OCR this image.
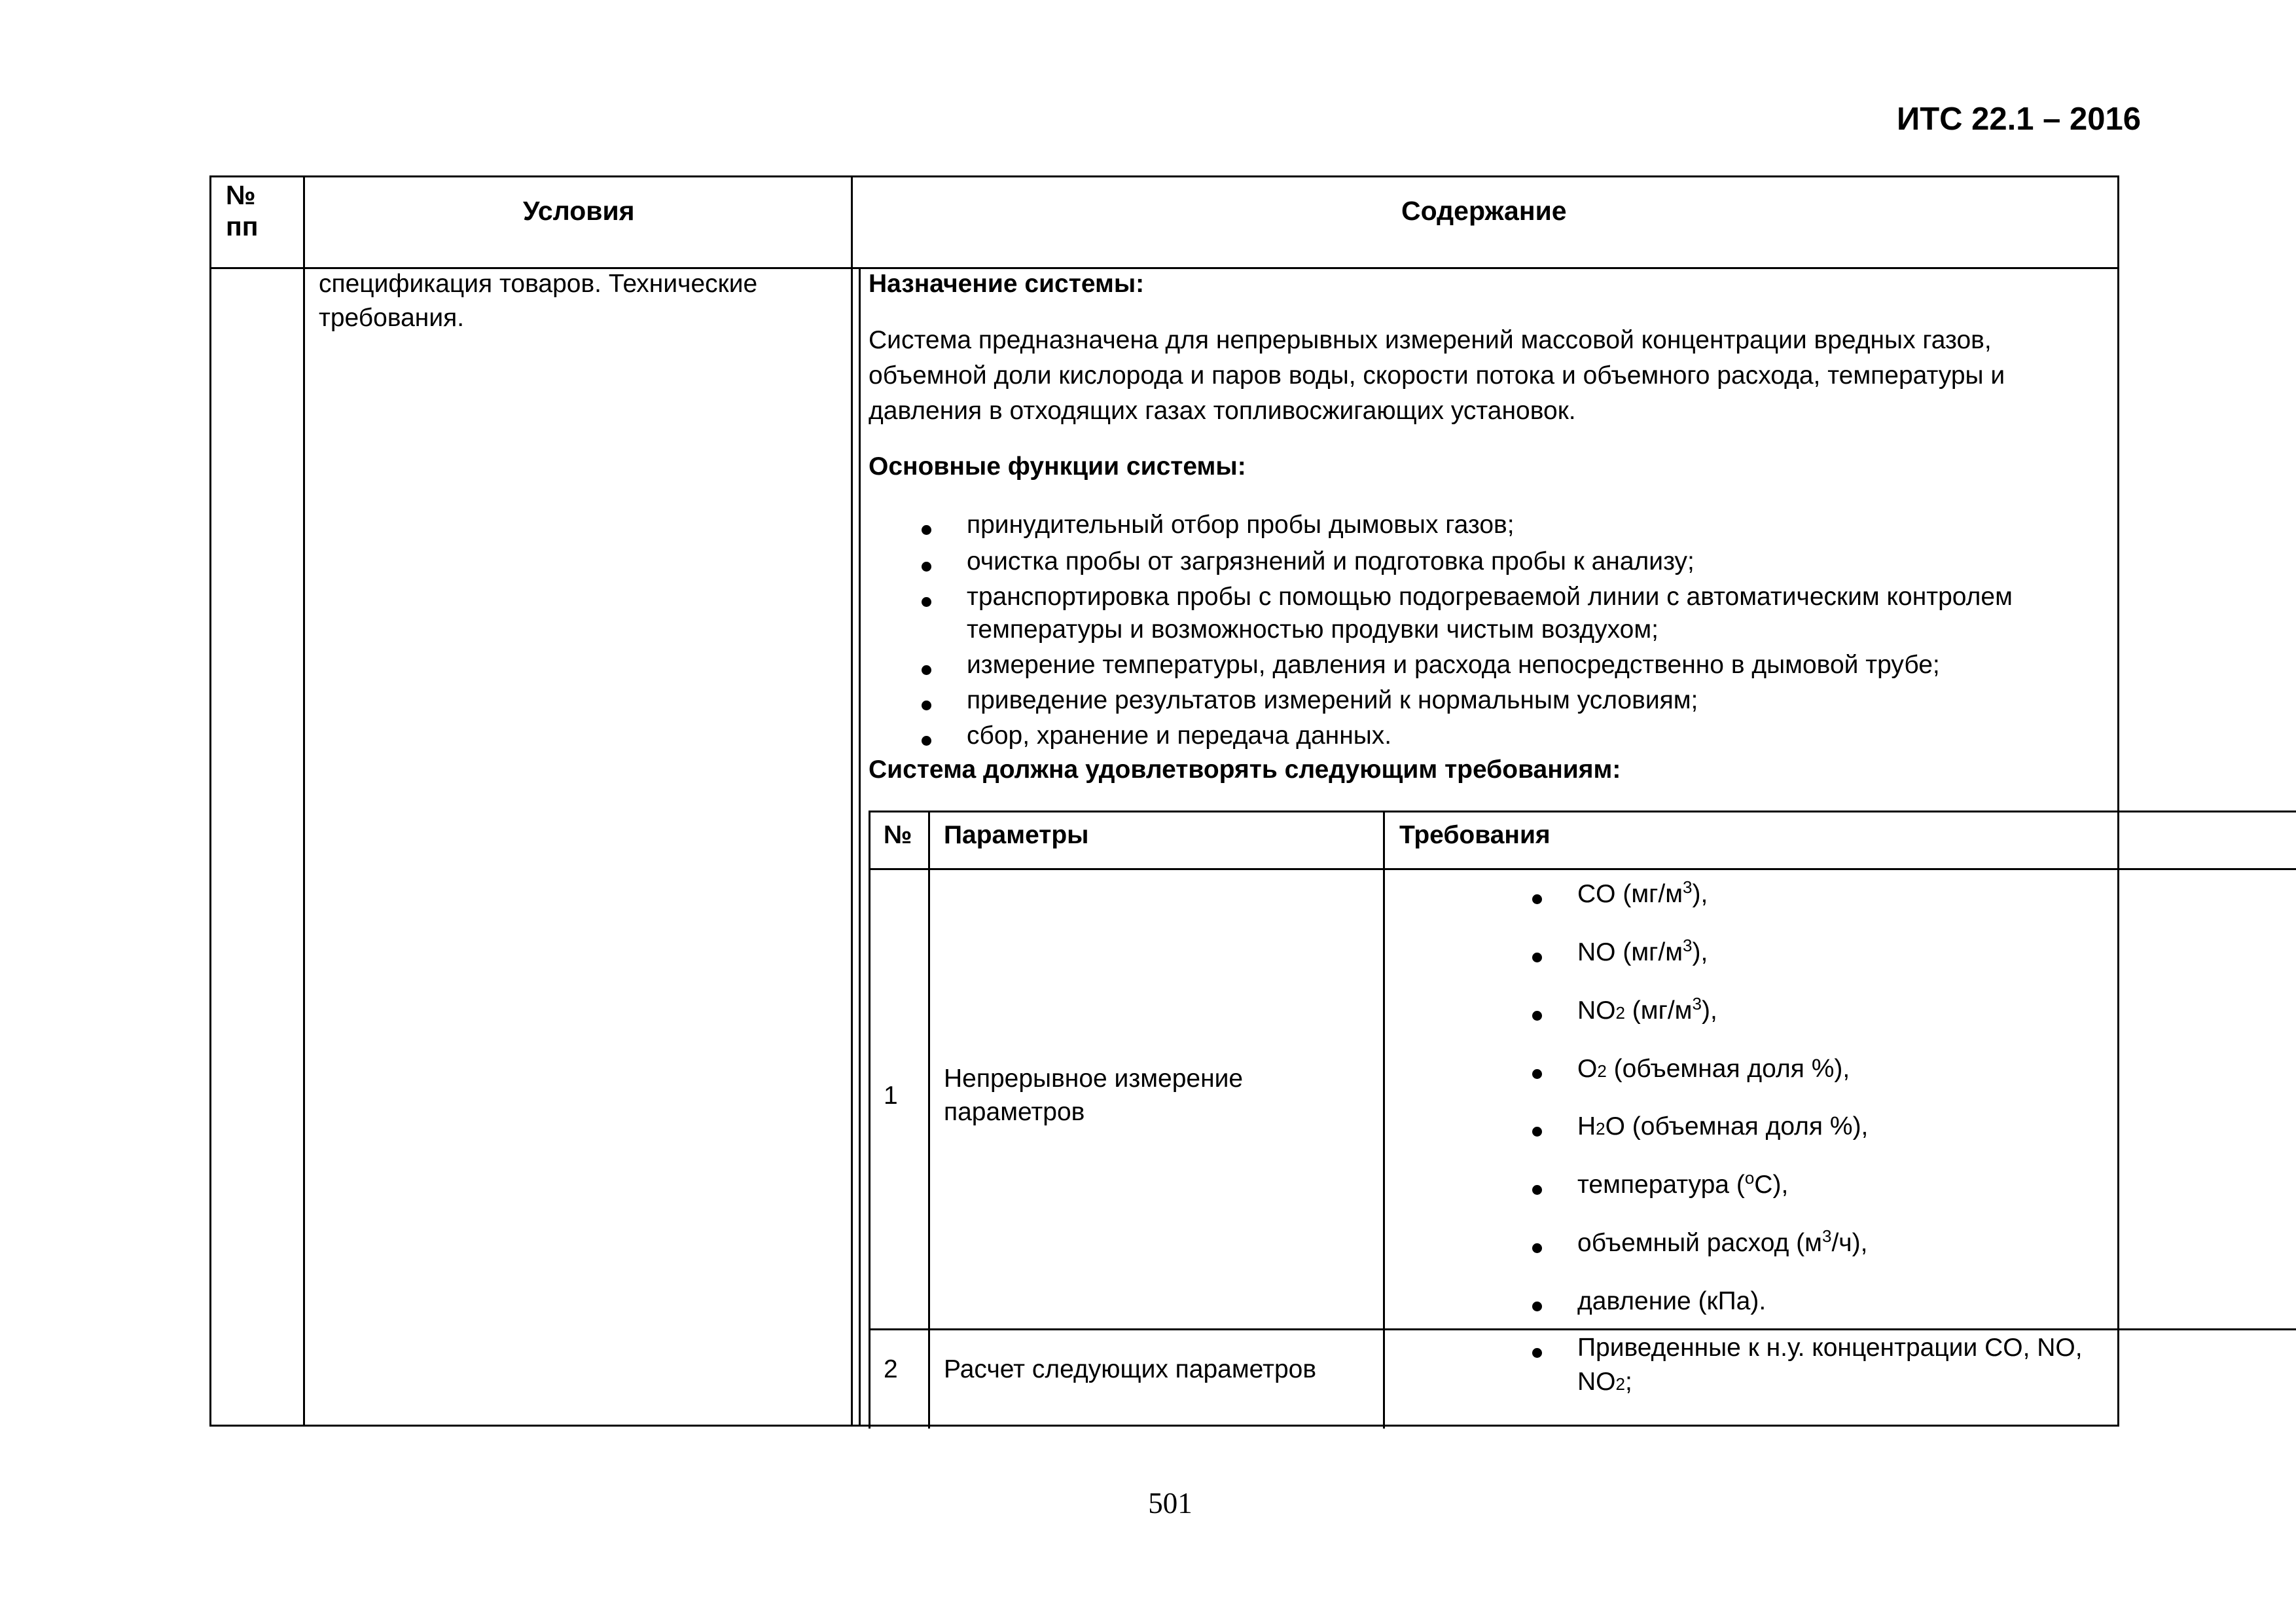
ИТС 22.1 – 2016
№
пп
Условия	Содержание
спецификация товаров. Технические
требования.
Назначение системы:
Система предназначена для непрерывных измерений массовой концентрации вредных газов,
объемной доли кислорода и паров воды, скорости потока и объемного расхода, температуры и
давления в отходящих газах топливосжигающих установок.
Основные функции системы:
принудительный отбор пробы дымовых газов;
очистка пробы от загрязнений и подготовка пробы к анализу;
транспортировка пробы с помощью подогреваемой линии с автоматическим контролем
температуры и возможностью продувки чистым воздухом;
измерение температуры, давления и расхода непосредственно в дымовой трубе;
приведение результатов измерений к нормальным условиям;
сбор, хранение и передача данных.
Система должна удовлетворять следующим требованиям:
№ Параметры	Требования
1
Непрерывное измерение
параметров
CO $(мг/м^3)$,
NO $(мг/м^3)$,
NO2 $(мг/м^3)$,
O2 (объемная доля %),
H2O (объемная доля %),
температура ($^o$C),
объемный расход $(м^3/ч)$,
давление (кПа).
2 Расчет следующих параметров
Приведенные к н.у. концентрации CO, NO,
NO2;
501
